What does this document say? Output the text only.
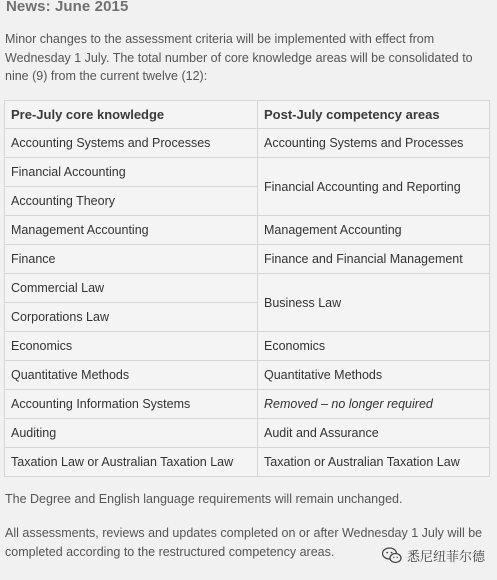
News: June 2015
Minor changes to the assessment criteria will be implemented with effect from Wednesday 1 July. The total number of core knowledge areas will be consolidated to nine (9) from the current twelve (12):
Pre-July core knowledge	Post-July competency areas
Accounting Systems and Processes	Accounting Systems and Processes
Financial Accounting	Financial Accounting and Reporting
Accounting Theory	
Management Accounting	Management Accounting
Finance	Finance and Financial Management
Commercial Law	Business Law
Corporations Law	
Economics	Economics
Quantitative Methods	Quantitative Methods
Accounting Information Systems	Removed – no longer required
Auditing	Audit and Assurance
Taxation Law or Australian Taxation Law	Taxation or Australian Taxation Law
The Degree and English language requirements will remain unchanged.
All assessments, reviews and updates completed on or after Wednesday 1 July will be completed according to the restructured competency areas.	悉尼纽菲尔德
